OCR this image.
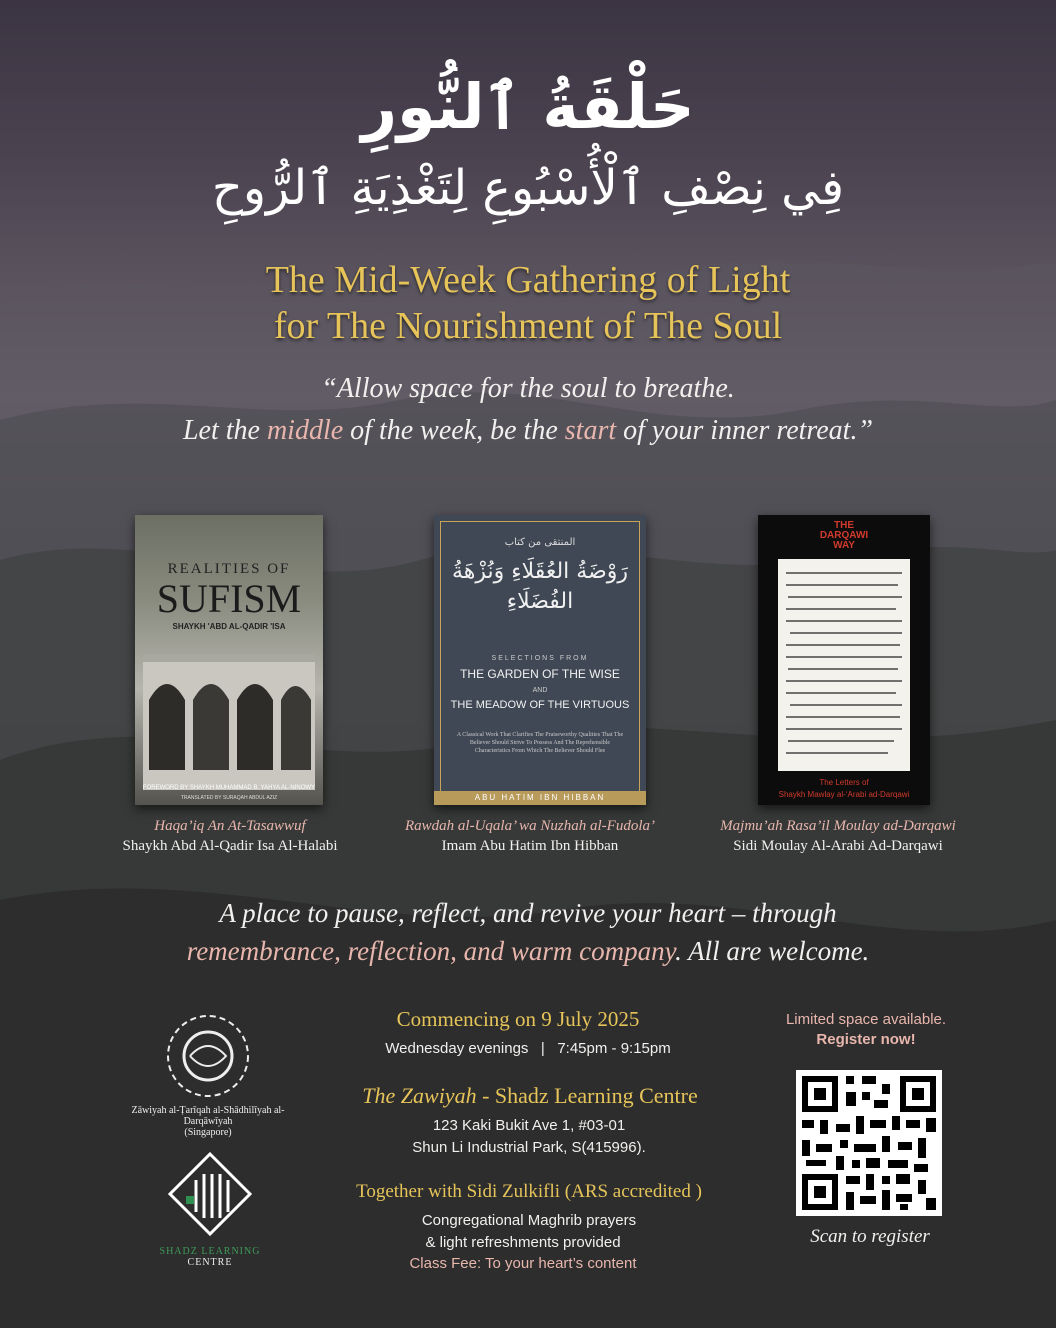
حَلْقَةُ ٱلنُّورِ
فِي نِصْفِ ٱلْأُسْبُوعِ لِتَغْذِيَةِ ٱلرُّوحِ
The Mid-Week Gathering of Light
for The Nourishment of The Soul
“Allow space for the soul to breathe.
Let the middle of the week, be the start of your inner retreat.”
REALITIES OF
SUFISM
SHAYKH 'ABD AL-QADIR 'ISA
FOREWORD BY SHAYKH MUHAMMAD B. YAHYA AL-NINOWY
TRANSLATED BY SURAQAH ABDUL AZIZ
المنتقى من كتاب
رَوْضَةُ العُقَلَاءِ وَنُزْهَةُ الفُضَلَاءِ
SELECTIONS FROM
THE GARDEN OF THE WISE
AND
THE MEADOW OF THE VIRTUOUS
A Classical Work That Clarifies The Praiseworthy Qualities That The Believer Should Strive To Possess And The Reprehensible Characteristics From Which The Believer Should Flee
ABU HATIM IBN HIBBAN
THE
DARQAWI
WAY
The Letters of
Shaykh Mawlay al-‘Arabi ad-Darqawi
Haqa’iq An At-Tasawwuf
Shaykh Abd Al-Qadir Isa Al-Halabi
Rawdah al-Uqala’ wa Nuzhah al-Fudola’
Imam Abu Hatim Ibn Hibban
Majmu’ah Rasa’il Moulay ad-Darqawi
Sidi Moulay Al-Arabi Ad-Darqawi
A place to pause, reflect, and revive your heart – through
remembrance, reflection, and warm company. All are welcome.
Zāwiyah al-Ṭarīqah al-Shādhilīyah al-Darqāwīyah
(Singapore)
SHADZ LEARNING
CENTRE
Commencing on 9 July 2025
Wednesday evenings   |   7:45pm - 9:15pm
The Zawiyah - Shadz Learning Centre
123 Kaki Bukit Ave 1, #03-01
Shun Li Industrial Park, S(415996).
Together with Sidi Zulkifli (ARS accredited )
Congregational Maghrib prayers
& light refreshments provided
Class Fee: To your heart’s content
Limited space available.
Register now!
Scan to register
